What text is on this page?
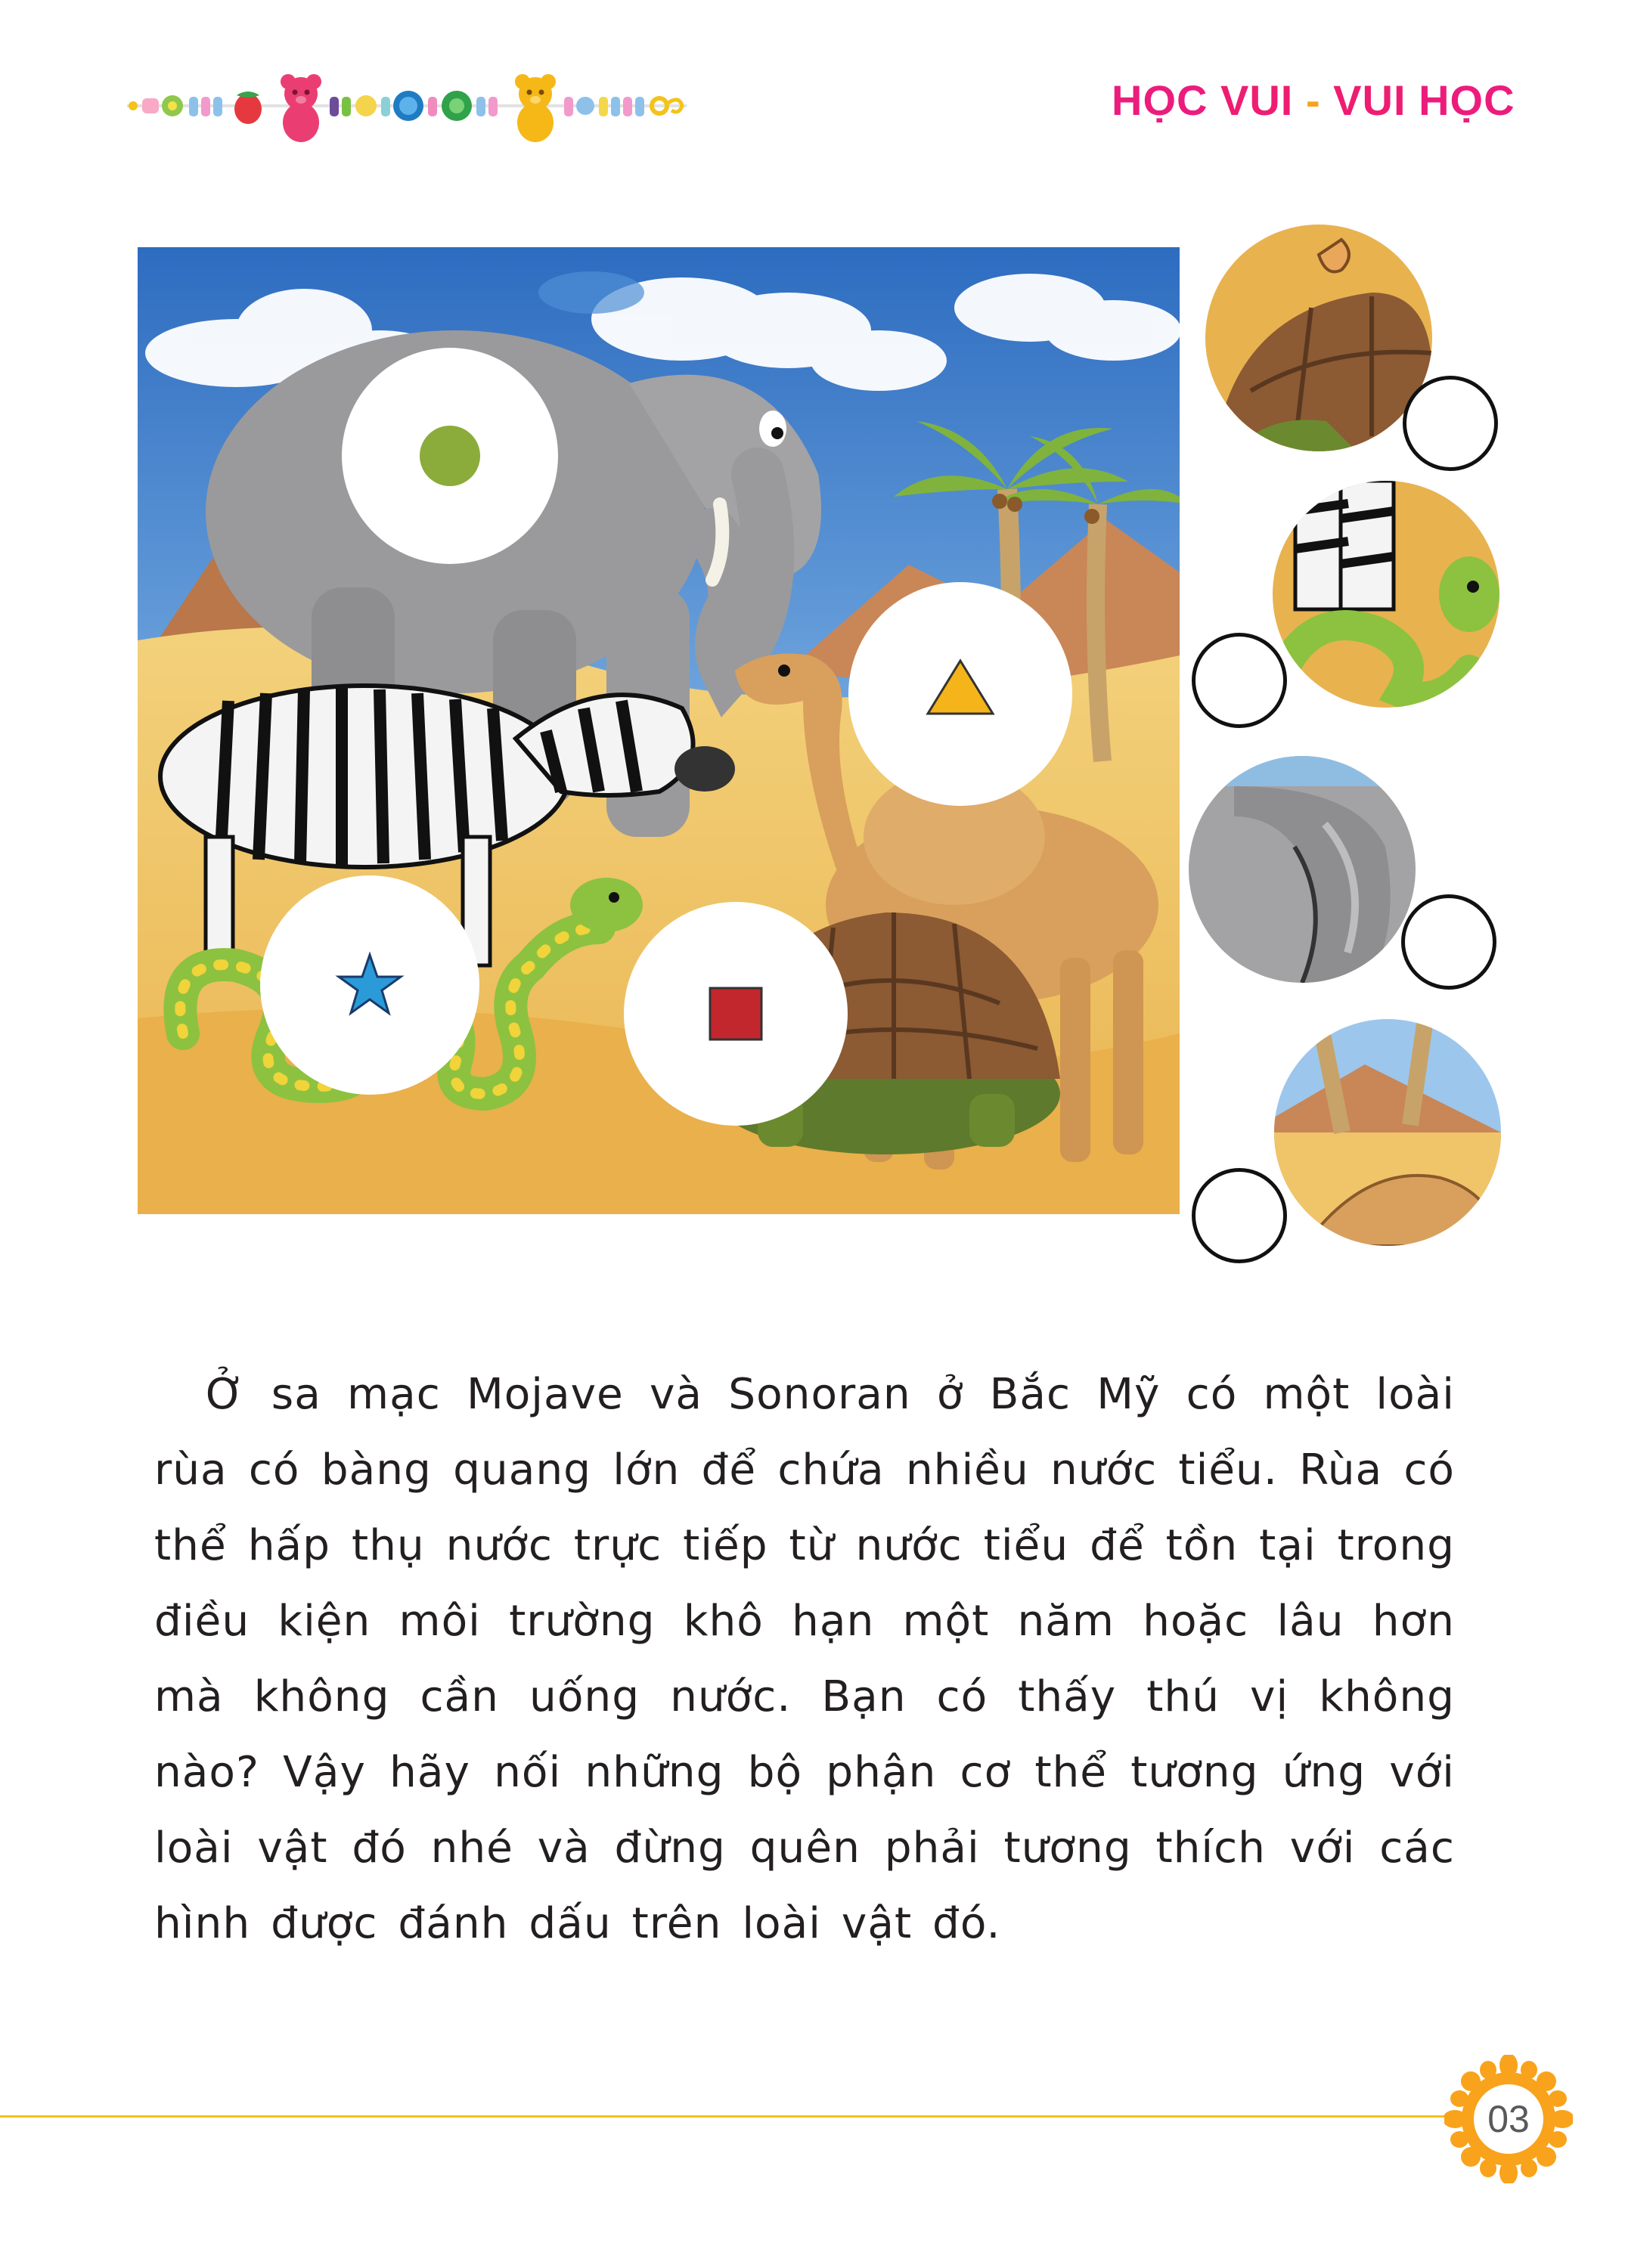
HỌC VUI - VUI HỌC
Ở sa mạc Mojave và Sonoran ở Bắc Mỹ có một loài rùa có bàng quang lớn để chứa nhiều nước tiểu. Rùa có thể hấp thụ nước trực tiếp từ nước tiểu để tồn tại trong điều kiện môi trường khô hạn một năm hoặc lâu hơn mà không cần uống nước. Bạn có thấy thú vị không nào? Vậy hãy nối những bộ phận cơ thể tương ứng với loài vật đó nhé và đừng quên phải tương thích với các hình được đánh dấu trên loài vật đó.
03
